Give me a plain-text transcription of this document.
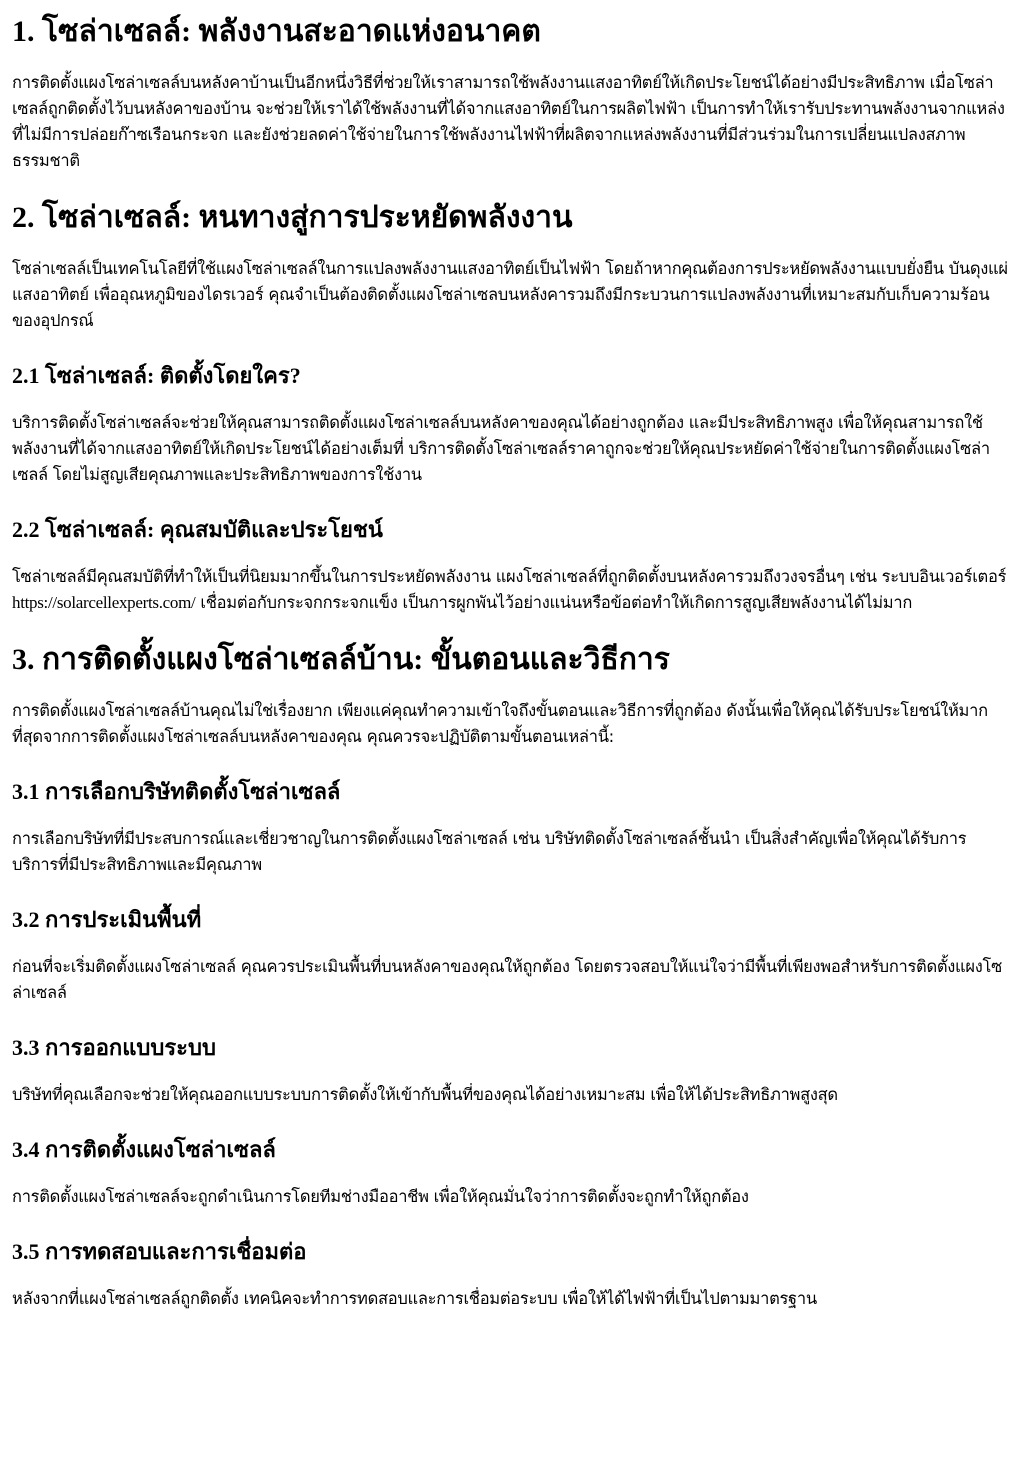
1. โซล่าเซลล์: พลังงานสะอาดแห่งอนาคต

การติดตั้งแผงโซล่าเซลล์บนหลังคาบ้านเป็นอีกหนึ่งวิธีที่ช่วยให้เราสามารถใช้พลังงานแสงอาทิตย์ให้เกิดประโยชน์ได้อย่างมีประสิทธิภาพ เมื่อโซล่าเซลล์ถูกติดตั้งไว้บนหลังคาของบ้าน จะช่วยให้เราได้ใช้พลังงานที่ได้จากแสงอาทิตย์ในการผลิตไฟฟ้า เป็นการทำให้เรารับประทานพลังงานจากแหล่งที่ไม่มีการปล่อยก๊าซเรือนกระจก และยังช่วยลดค่าใช้จ่ายในการใช้พลังงานไฟฟ้าที่ผลิตจากแหล่งพลังงานที่มีส่วนร่วมในการเปลี่ยนแปลงสภาพธรรมชาติ

2. โซล่าเซลล์: หนทางสู่การประหยัดพลังงาน

โซล่าเซลล์เป็นเทคโนโลยีที่ใช้แผงโซล่าเซลล์ในการแปลงพลังงานแสงอาทิตย์เป็นไฟฟ้า โดยถ้าหากคุณต้องการประหยัดพลังงานแบบยั่งยืน บันดุงแผ่แสงอาทิตย์ เพื่ออุณหภูมิของไดรเวอร์ คุณจำเป็นต้องติดตั้งแผงโซล่าเซลบนหลังคารวมถึงมีกระบวนการแปลงพลังงานที่เหมาะสมกับเก็บความร้อนของอุปกรณ์

2.1 โซล่าเซลล์: ติดตั้งโดยใคร?

บริการติดตั้งโซล่าเซลล์จะช่วยให้คุณสามารถติดตั้งแผงโซล่าเซลล์บนหลังคาของคุณได้อย่างถูกต้อง และมีประสิทธิภาพสูง เพื่อให้คุณสามารถใช้พลังงานที่ได้จากแสงอาทิตย์ให้เกิดประโยชน์ได้อย่างเต็มที่ บริการติดตั้งโซล่าเซลล์ราคาถูกจะช่วยให้คุณประหยัดค่าใช้จ่ายในการติดตั้งแผงโซล่าเซลล์ โดยไม่สูญเสียคุณภาพและประสิทธิภาพของการใช้งาน

2.2 โซล่าเซลล์: คุณสมบัติและประโยชน์

โซล่าเซลล์มีคุณสมบัติที่ทำให้เป็นที่นิยมมากขึ้นในการประหยัดพลังงาน แผงโซล่าเซลล์ที่ถูกติดตั้งบนหลังคารวมถึงวงจรอื่นๆ เช่น ระบบอินเวอร์เตอร์ https://solarcellexperts.com/ เชื่อมต่อกับกระจกกระจกแข็ง เป็นการผูกพันไว้อย่างแน่นหรือข้อต่อทำให้เกิดการสูญเสียพลังงานได้ไม่มาก

3. การติดตั้งแผงโซล่าเซลล์บ้าน: ขั้นตอนและวิธีการ

การติดตั้งแผงโซล่าเซลล์บ้านคุณไม่ใช่เรื่องยาก เพียงแค่คุณทำความเข้าใจถึงขั้นตอนและวิธีการที่ถูกต้อง ดังนั้นเพื่อให้คุณได้รับประโยชน์ให้มากที่สุดจากการติดตั้งแผงโซล่าเซลล์บนหลังคาของคุณ คุณควรจะปฏิบัติตามขั้นตอนเหล่านี้:

3.1 การเลือกบริษัทติดตั้งโซล่าเซลล์

การเลือกบริษัทที่มีประสบการณ์และเชี่ยวชาญในการติดตั้งแผงโซล่าเซลล์ เช่น บริษัทติดตั้งโซล่าเซลล์ชั้นนำ เป็นสิ่งสำคัญเพื่อให้คุณได้รับการบริการที่มีประสิทธิภาพและมีคุณภาพ

3.2 การประเมินพื้นที่

ก่อนที่จะเริ่มติดตั้งแผงโซล่าเซลล์ คุณควรประเมินพื้นที่บนหลังคาของคุณให้ถูกต้อง โดยตรวจสอบให้แน่ใจว่ามีพื้นที่เพียงพอสำหรับการติดตั้งแผงโซล่าเซลล์

3.3 การออกแบบระบบ

บริษัทที่คุณเลือกจะช่วยให้คุณออกแบบระบบการติดตั้งให้เข้ากับพื้นที่ของคุณได้อย่างเหมาะสม เพื่อให้ได้ประสิทธิภาพสูงสุด

3.4 การติดตั้งแผงโซล่าเซลล์

การติดตั้งแผงโซล่าเซลล์จะถูกดำเนินการโดยทีมช่างมืออาชีพ เพื่อให้คุณมั่นใจว่าการติดตั้งจะถูกทำให้ถูกต้อง

3.5 การทดสอบและการเชื่อมต่อ

หลังจากที่แผงโซล่าเซลล์ถูกติดตั้ง เทคนิคจะทำการทดสอบและการเชื่อมต่อระบบ เพื่อให้ได้ไฟฟ้าที่เป็นไปตามมาตรฐาน
